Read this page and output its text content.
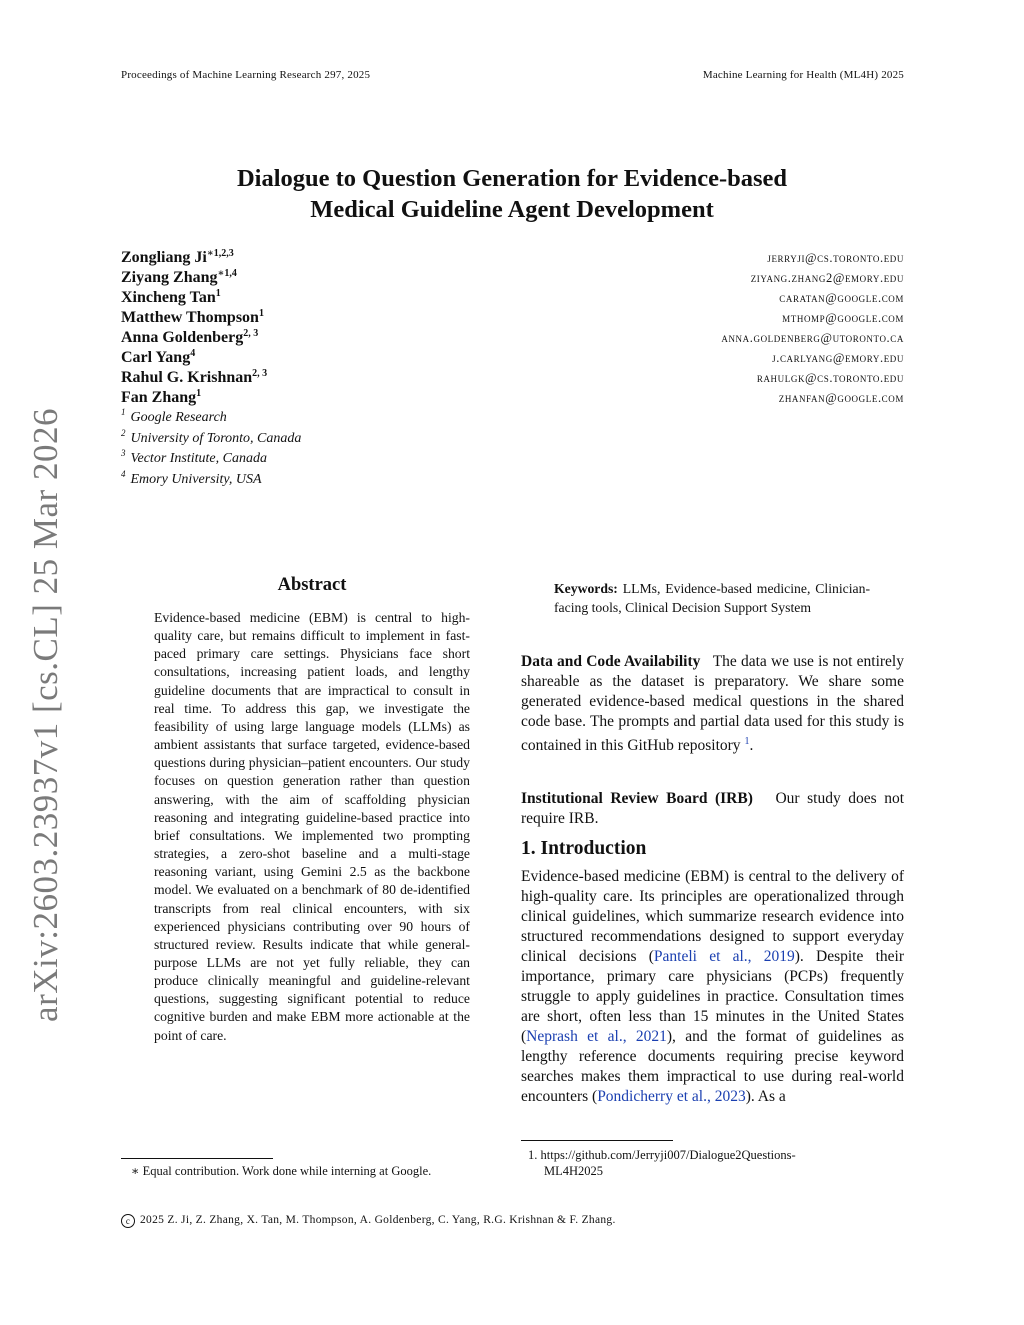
Proceedings of Machine Learning Research 297, 2025	Machine Learning for Health (ML4H) 2025
arXiv:2603.23937v1 [cs.CL] 25 Mar 2026
Dialogue to Question Generation for Evidence-based
Medical Guideline Agent Development
Zongliang $Ji^{∗1,2,3}$
Ziyang Zhang$^{∗1,4}$
Xincheng Tan$^1$
Matthew Thompson$^1$
Anna Goldenberg$^{2, 3}$
Carl Yang$^4$
Rahul G. Krishnan$^{2, 3}$
Fan Zhang$^1$
$^1$ Google Research
$^2$ University of Toronto, Canada
$^3$ Vector Institute, Canada
$^4$ Emory University, USA
jerryji@cs.toronto.edu
ziyang.zhang2@emory.edu
caratan@google.com
mthomp@google.com
anna.goldenberg@utoronto.ca
j.carlyang@emory.edu
rahulgk@cs.toronto.edu
zhanfan@google.com
Abstract
Evidence-based medicine (EBM) is central to high-quality care, but remains difficult to implement in fast-paced primary care settings. Physicians face short consultations, increasing patient loads, and lengthy guideline documents that are impractical to consult in real time. To address this gap, we investigate the feasibility of using large language models (LLMs) as ambient assistants that surface targeted, evidence-based questions during physician–patient encounters. Our study focuses on question generation rather than question answering, with the aim of scaffolding physician reasoning and integrating guideline-based practice into brief consultations. We implemented two prompting strategies, a zero-shot baseline and a multi-stage reasoning variant, using Gemini 2.5 as the backbone model. We evaluated on a benchmark of 80 de-identified transcripts from real clinical encounters, with six experienced physicians contributing over 90 hours of structured review. Results indicate that while general-purpose LLMs are not yet fully reliable, they can produce clinically meaningful and guideline-relevant questions, suggesting significant potential to reduce cognitive burden and make EBM more actionable at the point of care.
Keywords: LLMs, Evidence-based medicine, Clinician-facing tools, Clinical Decision Support System
Data and Code Availability The data we use is not entirely shareable as the dataset is preparatory. We share some generated evidence-based medical questions in the shared code base. The prompts and partial data used for this study is contained in this GitHub repository $^1$.
Institutional Review Board (IRB) Our study does not require IRB.
1. Introduction
Evidence-based medicine (EBM) is central to the delivery of high-quality care. Its principles are operationalized through clinical guidelines, which summarize research evidence into structured recommendations designed to support everyday clinical decisions (Panteli et al., 2019). Despite their importance, primary care physicians (PCPs) frequently struggle to apply guidelines in practice. Consultation times are short, often less than 15 minutes in the United States (Neprash et al., 2021), and the format of guidelines as lengthy reference documents requiring precise keyword searches makes them impractical to use during real-world encounters (Pondicherry et al., 2023). As a
∗ Equal contribution. Work done while interning at Google.
1. https://github.com/Jerryji007/Dialogue2Questions-
ML4H2025
c 2025 Z. Ji, Z. Zhang, X. Tan, M. Thompson, A. Goldenberg, C. Yang, R.G. Krishnan & F. Zhang.
